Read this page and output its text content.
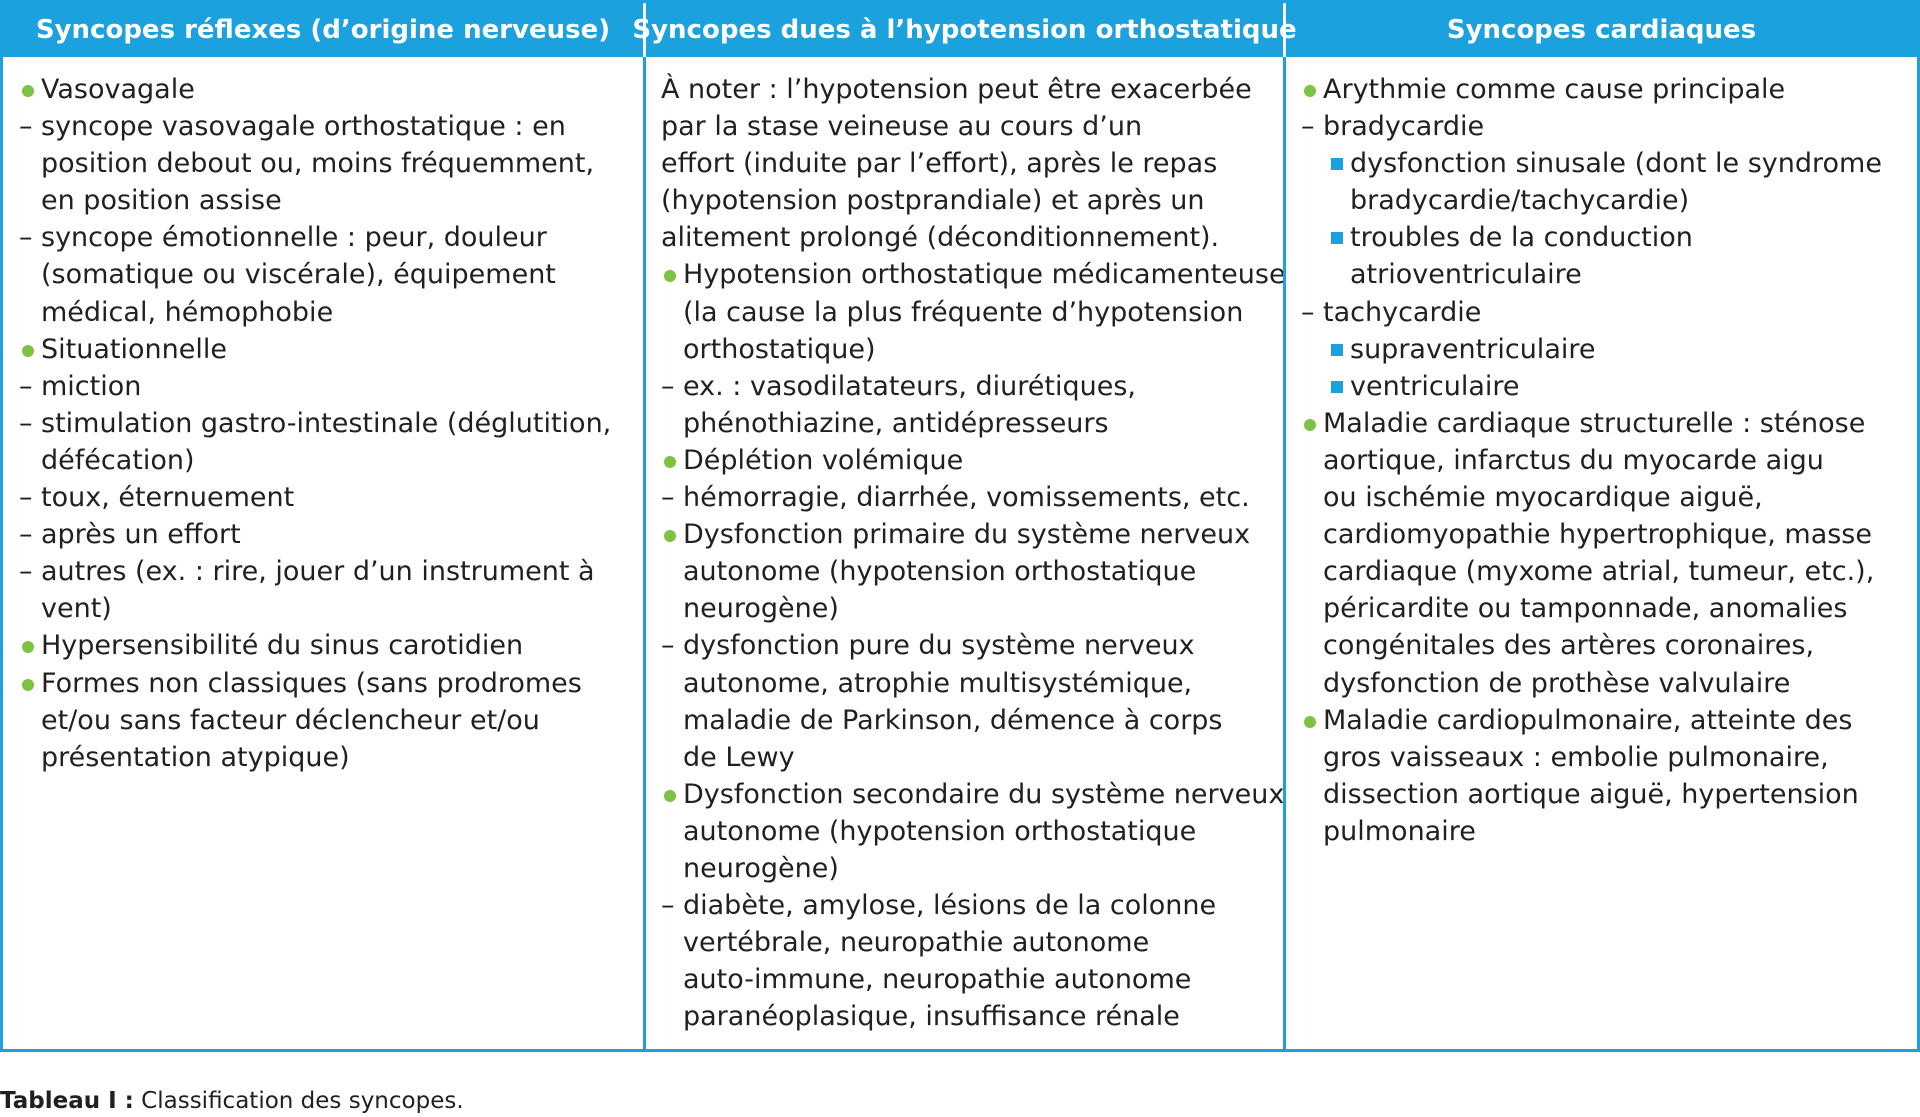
Syncopes réflexes (d’origine nerveuse) Syncopes dues à l’hypotension orthostatique	Syncopes cardiaques
Vasovagale
– syncope vasovagale orthostatique : en
position debout ou, moins fréquemment,
en position assise
– syncope émotionnelle : peur, douleur
(somatique ou viscérale), équipement
médical, hémophobie
Situationnelle
– miction
– stimulation gastro-intestinale (déglutition,
défécation)
– toux, éternuement
– après un effort
– autres (ex. : rire, jouer d’un instrument à
vent)
Hypersensibilité du sinus carotidien
Formes non classiques (sans prodromes
et/ou sans facteur déclencheur et/ou
présentation atypique)
À noter : l’hypotension peut être exacerbée
par la stase veineuse au cours d’un
effort (induite par l’effort), après le repas
(hypotension postprandiale) et après un
alitement prolongé (déconditionnement).
Hypotension orthostatique médicamenteuse
(la cause la plus fréquente d’hypotension
orthostatique)
– ex. : vasodilatateurs, diurétiques,
phénothiazine, antidépresseurs
Déplétion volémique
– hémorragie, diarrhée, vomissements, etc.
Dysfonction primaire du système nerveux
autonome (hypotension orthostatique
neurogène)
– dysfonction pure du système nerveux
autonome, atrophie multisystémique,
maladie de Parkinson, démence à corps
de Lewy
Dysfonction secondaire du système nerveux
autonome (hypotension orthostatique
neurogène)
– diabète, amylose, lésions de la colonne
vertébrale, neuropathie autonome
auto-immune, neuropathie autonome
paranéoplasique, insuffisance rénale
Arythmie comme cause principale
– bradycardie
dysfonction sinusale (dont le syndrome
bradycardie/tachycardie)
troubles de la conduction
atrioventriculaire
– tachycardie
supraventriculaire
ventriculaire
Maladie cardiaque structurelle : sténose
aortique, infarctus du myocarde aigu
ou ischémie myocardique aiguë,
cardiomyopathie hypertrophique, masse
cardiaque (myxome atrial, tumeur, etc.),
péricardite ou tamponnade, anomalies
congénitales des artères coronaires,
dysfonction de prothèse valvulaire
Maladie cardiopulmonaire, atteinte des
gros vaisseaux : embolie pulmonaire,
dissection aortique aiguë, hypertension
pulmonaire
Tableau I : Classification des syncopes.
